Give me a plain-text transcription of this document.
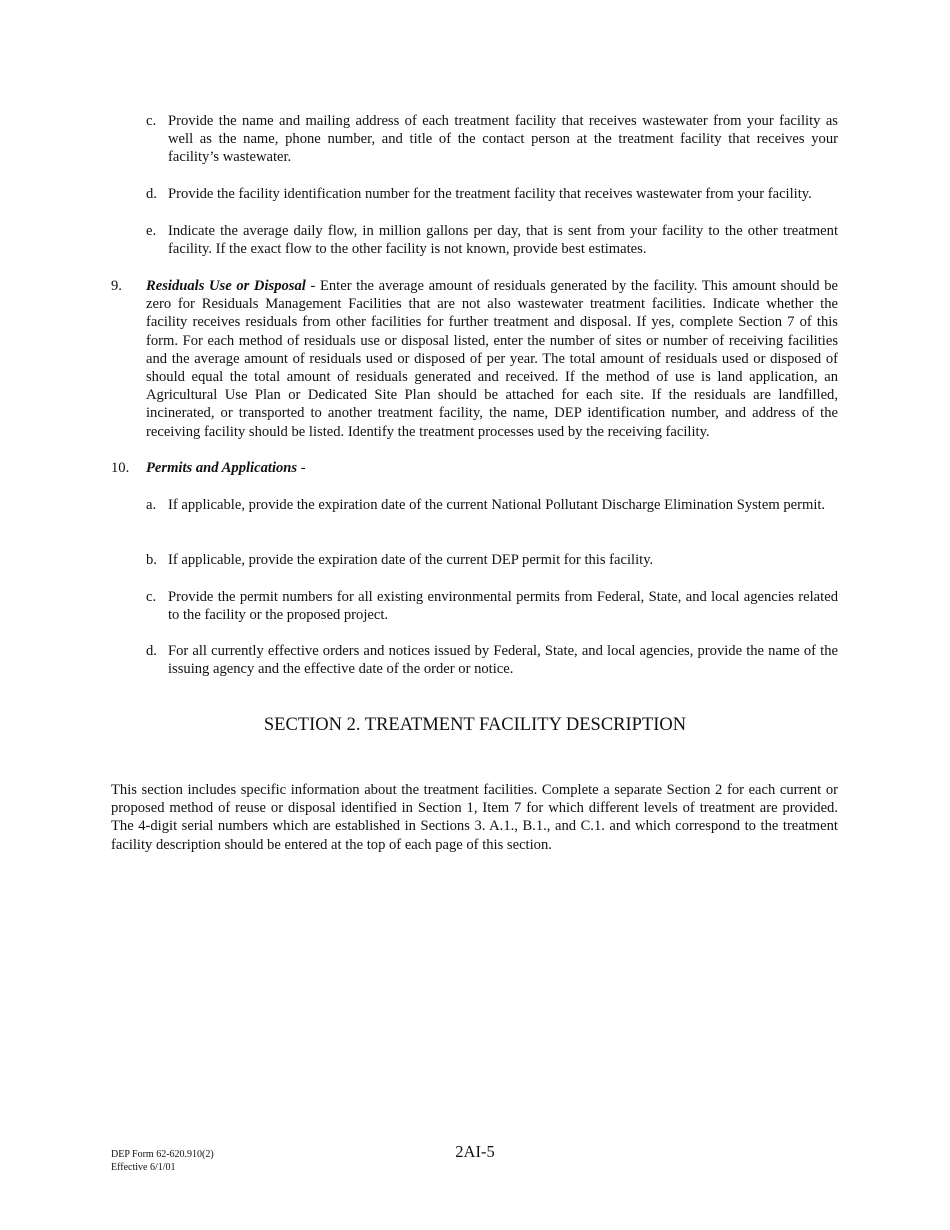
c. Provide the name and mailing address of each treatment facility that receives wastewater from your facility as well as the name, phone number, and title of the contact person at the treatment facility that receives your facility’s wastewater.
d. Provide the facility identification number for the treatment facility that receives wastewater from your facility.
e. Indicate the average daily flow, in million gallons per day, that is sent from your facility to the other treatment facility. If the exact flow to the other facility is not known, provide best estimates.
9.	Residuals Use or Disposal - Enter the average amount of residuals generated by the facility. This amount should be zero for Residuals Management Facilities that are not also wastewater treatment facilities. Indicate whether the facility receives residuals from other facilities for further treatment and disposal. If yes, complete Section 7 of this form. For each method of residuals use or disposal listed, enter the number of sites or number of receiving facilities and the average amount of residuals used or disposed of per year. The total amount of residuals used or disposed of should equal the total amount of residuals generated and received. If the method of use is land application, an Agricultural Use Plan or Dedicated Site Plan should be attached for each site. If the residuals are landfilled, incinerated, or transported to another treatment facility, the name, DEP identification number, and address of the receiving facility should be listed. Identify the treatment processes used by the receiving facility.
10.	Permits and Applications -
a. If applicable, provide the expiration date of the current National Pollutant Discharge Elimination System permit.
b. If applicable, provide the expiration date of the current DEP permit for this facility.
c. Provide the permit numbers for all existing environmental permits from Federal, State, and local agencies related to the facility or the proposed project.
d. For all currently effective orders and notices issued by Federal, State, and local agencies, provide the name of the issuing agency and the effective date of the order or notice.
SECTION 2. TREATMENT FACILITY DESCRIPTION
This section includes specific information about the treatment facilities. Complete a separate Section 2 for each current or proposed method of reuse or disposal identified in Section 1, Item 7 for which different levels of treatment are provided. The 4-digit serial numbers which are established in Sections 3. A.1., B.1., and C.1. and which correspond to the treatment facility description should be entered at the top of each page of this section.
DEP Form 62-620.910(2)
Effective 6/1/01
2AI-5
